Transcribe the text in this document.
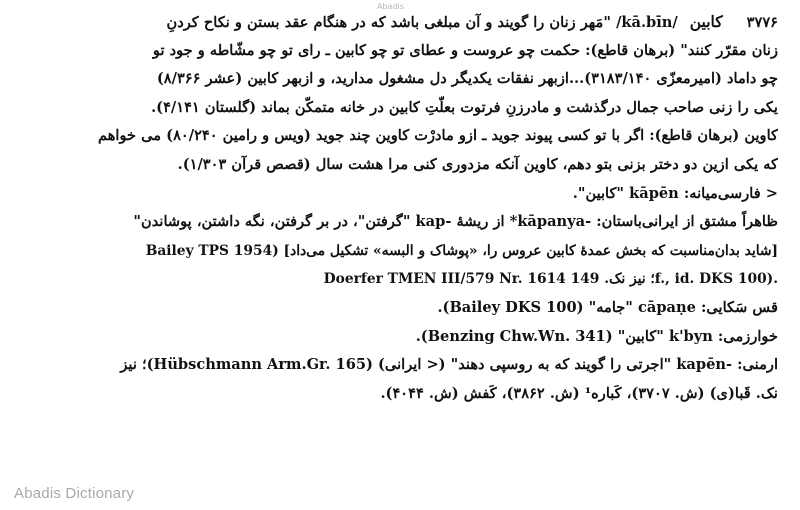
Abadis
۳۷۷۶کابین/kā.bīn/ "مَهر زنان را گویند و آن مبلغی باشد که در هنگام عقد بستن و نکاح کردنِ
زنان مقرّر کنند" (برهان قاطع): حکمت چو عروست و عطای تو چو کابین ـ رای تو چو مشّاطه و جود تو
چو داماد (امیرمعزّی ۳۱۸۳/۱۴۰)...ازبهر نفقات یکدیگر دل مشغول مدارید، و ازبهر کابین (عشر ۸/۳۶۶)
یکی را زنی صاحب جمال درگذشت و مادرزنِ فرتوت بعلّتِ کابین در خانه متمکّن بماند (گلستان ۴/۱۴۱).
کاوین (برهان قاطع): اگر با تو کسی پیوند جوید ـ ازو مادرْت کاوین چند جوید (ویس و رامین ۸۰/۲۴۰) می خواهم
که یکی ازین دو دختر بزنی بتو دهم، کاوین آنکه مزدوری کنی مرا هشت سال (قصص قرآن ۱/۳۰۳).
< فارسی‌میانه: kāpēn "کابین".
ظاهراً مشتق از ایرانی‌باستان: -kāpanya* از ریشهٔ -kap "گرفتن"، در بر گرفتن، نگه داشتن، پوشاندن"
[شاید بدان‌مناسبت که بخش عمدهٔ کابین عروس را، «پوشاک و البسه» تشکیل می‌داد] (Bailey TPS 1954
Doerfer TMEN III/579 Nr. 1614 ؛ نیز نک. 149f., id. DKS 100).
قس سَکایی: cāpaṇe "جامه" (Bailey DKS 100).
خوارزمی: k'byn "کابین" (Benzing Chw.Wn. 341).
ارمنی: -kapēn "اجرتی را گویند که به روسپی دهند" (< ایرانی) (Hübschmann Arm.Gr. 165)؛ نیز
نک. قَبا(ی) (ش. ۳۷۰۷)، کَباره¹ (ش. ۳۸۶۲)، کَفش (ش. ۴۰۴۴).
Abadis Dictionary
